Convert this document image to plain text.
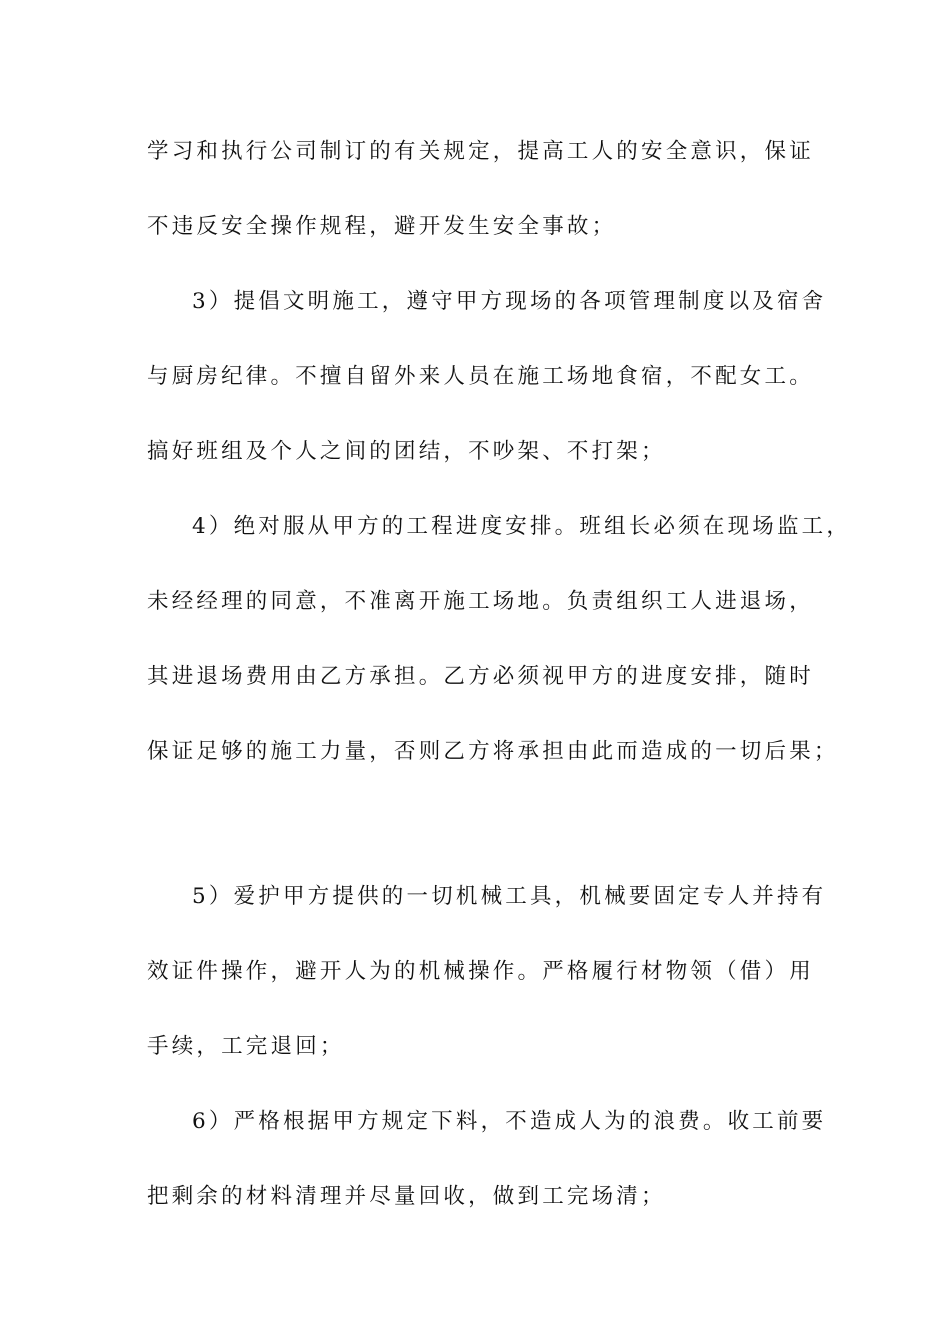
学习和执行公司制订的有关规定，提高工人的安全意识，保证
不违反安全操作规程，避开发生安全事故；
3）提倡文明施工，遵守甲方现场的各项管理制度以及宿舍
与厨房纪律。不擅自留外来人员在施工场地食宿，不配女工。
搞好班组及个人之间的团结，不吵架、不打架；
4）绝对服从甲方的工程进度安排。班组长必须在现场监工，
未经经理的同意，不准离开施工场地。负责组织工人进退场，
其进退场费用由乙方承担。乙方必须视甲方的进度安排，随时
保证足够的施工力量，否则乙方将承担由此而造成的一切后果；
5）爱护甲方提供的一切机械工具，机械要固定专人并持有
效证件操作，避开人为的机械操作。严格履行材物领（借）用
手续，工完退回；
6）严格根据甲方规定下料，不造成人为的浪费。收工前要
把剩余的材料清理并尽量回收，做到工完场清；
